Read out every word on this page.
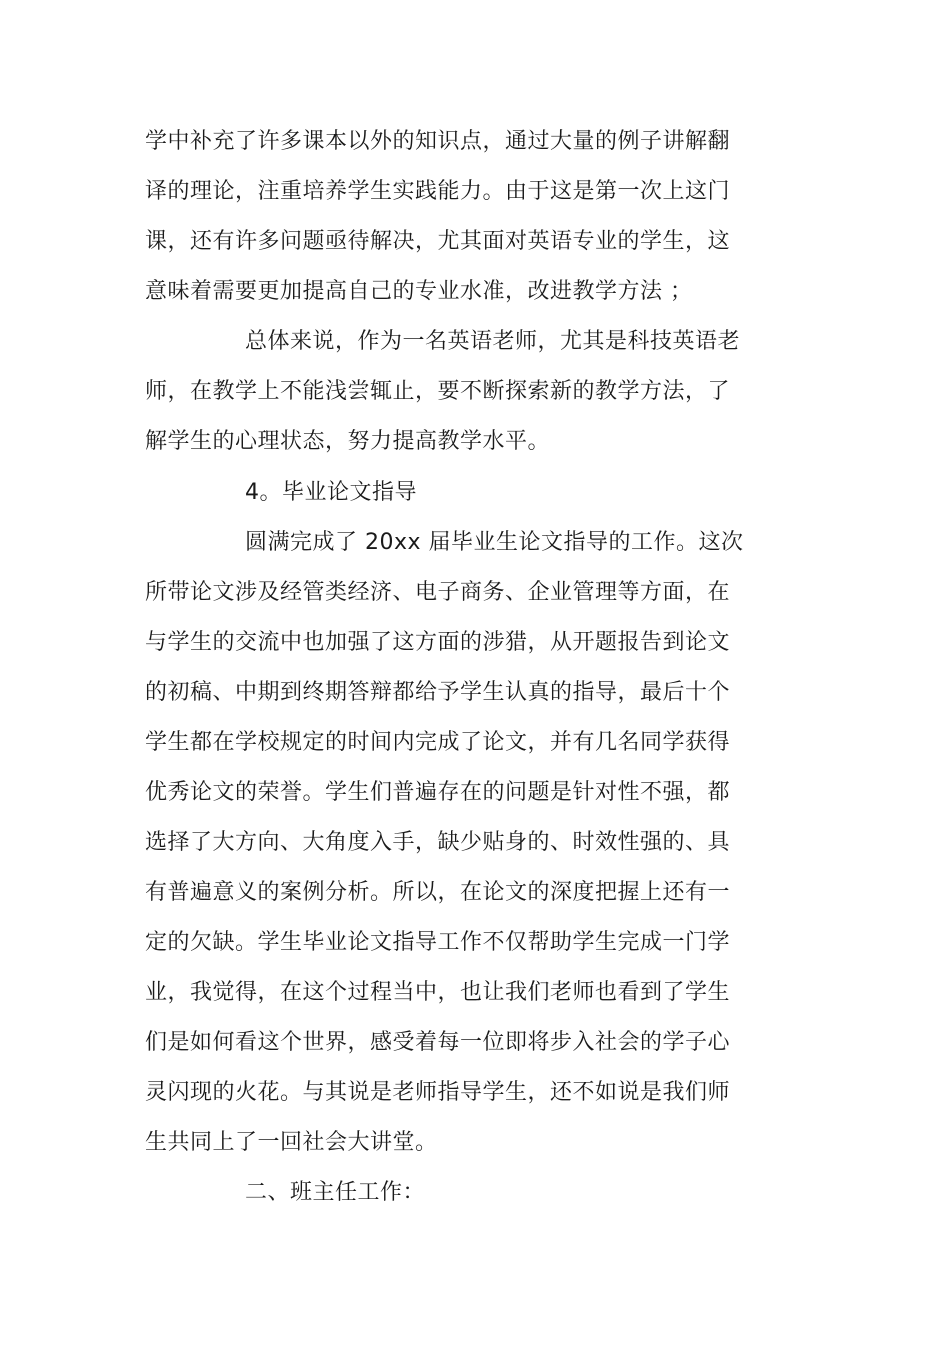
学中补充了许多课本以外的知识点，通过大量的例子讲解翻
译的理论，注重培养学生实践能力。由于这是第一次上这门
课，还有许多问题亟待解决，尤其面对英语专业的学生，这
意味着需要更加提高自己的专业水准，改进教学方法 ；
总体来说，作为一名英语老师，尤其是科技英语老
师，在教学上不能浅尝辄止，要不断探索新的教学方法，了
解学生的心理状态，努力提高教学水平。
4。毕业论文指导
圆满完成了 20xx 届毕业生论文指导的工作。这次
所带论文涉及经管类经济、电子商务、企业管理等方面，在
与学生的交流中也加强了这方面的涉猎，从开题报告到论文
的初稿、中期到终期答辩都给予学生认真的指导，最后十个
学生都在学校规定的时间内完成了论文，并有几名同学获得
优秀论文的荣誉。学生们普遍存在的问题是针对性不强，都
选择了大方向、大角度入手，缺少贴身的、时效性强的、具
有普遍意义的案例分析。所以，在论文的深度把握上还有一
定的欠缺。学生毕业论文指导工作不仅帮助学生完成一门学
业，我觉得，在这个过程当中，也让我们老师也看到了学生
们是如何看这个世界，感受着每一位即将步入社会的学子心
灵闪现的火花。与其说是老师指导学生，还不如说是我们师
生共同上了一回社会大讲堂。
二、班主任工作：
